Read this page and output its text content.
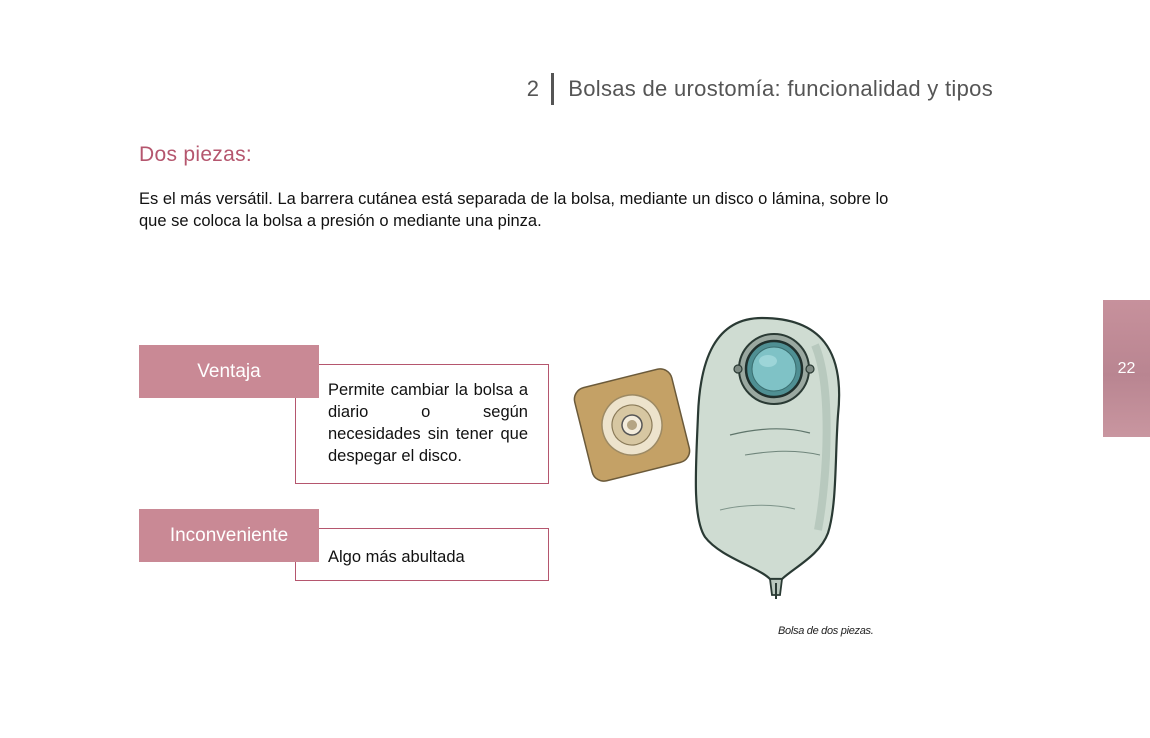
2 Bolsas de urostomía: funcionalidad y tipos
Dos piezas:

Es el más versátil. La barrera cutánea está separada de la bolsa, mediante un disco o lámina, sobre lo que se coloca la bolsa a presión o mediante una pinza.

Ventaja
Permite cambiar la bolsa a diario o según necesidades sin tener que despegar el disco.
Inconveniente
Algo más abultada
Bolsa de dos piezas.
22
